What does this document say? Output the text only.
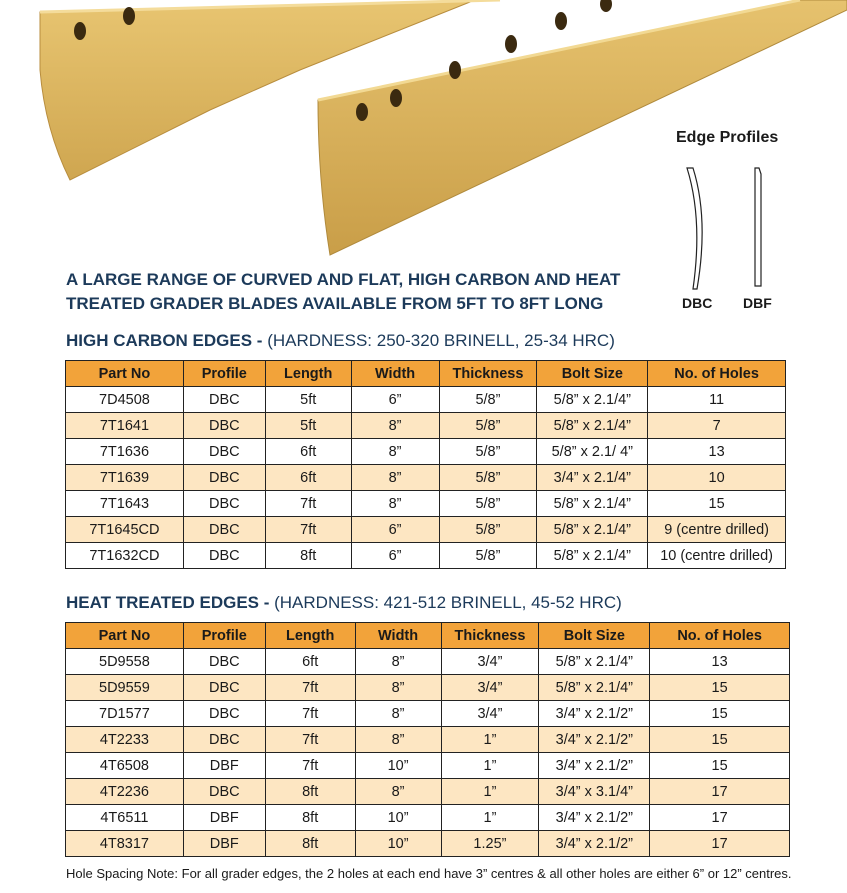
Edge Profiles
DBC DBF
A LARGE RANGE OF CURVED AND FLAT, HIGH CARBON AND HEAT
TREATED GRADER BLADES AVAILABLE FROM 5FT TO 8FT LONG
HIGH CARBON EDGES - (HARDNESS: 250-320 BRINELL, 25-34 HRC)
Part No	Profile	Length	Width	Thickness	Bolt Size	No. of Holes
7D4508	DBC	5ft	6”	5/8”	5/8” x 2.1/4”	11
7T1641	DBC	5ft	8”	5/8”	5/8” x 2.1/4”	7
7T1636	DBC	6ft	8”	5/8”	5/8” x 2.1/ 4”	13
7T1639	DBC	6ft	8”	5/8”	3/4” x 2.1/4”	10
7T1643	DBC	7ft	8”	5/8”	5/8” x 2.1/4”	15
7T1645CD	DBC	7ft	6”	5/8”	5/8” x 2.1/4”	9 (centre drilled)
7T1632CD	DBC	8ft	6”	5/8”	5/8” x 2.1/4”	10 (centre drilled)
HEAT TREATED EDGES - (HARDNESS: 421-512 BRINELL, 45-52 HRC)
Part No	Profile	Length	Width	Thickness	Bolt Size	No. of Holes
5D9558	DBC	6ft	8”	3/4”	5/8” x 2.1/4”	13
5D9559	DBC	7ft	8”	3/4”	5/8” x 2.1/4”	15
7D1577	DBC	7ft	8”	3/4”	3/4” x 2.1/2”	15
4T2233	DBC	7ft	8”	1”	3/4” x 2.1/2”	15
4T6508	DBF	7ft	10”	1”	3/4” x 2.1/2”	15
4T2236	DBC	8ft	8”	1”	3/4” x 3.1/4”	17
4T6511	DBF	8ft	10”	1”	3/4” x 2.1/2”	17
4T8317	DBF	8ft	10”	1.25”	3/4” x 2.1/2”	17
Hole Spacing Note: For all grader edges, the 2 holes at each end have 3” centres & all other holes are either 6” or 12” centres.
